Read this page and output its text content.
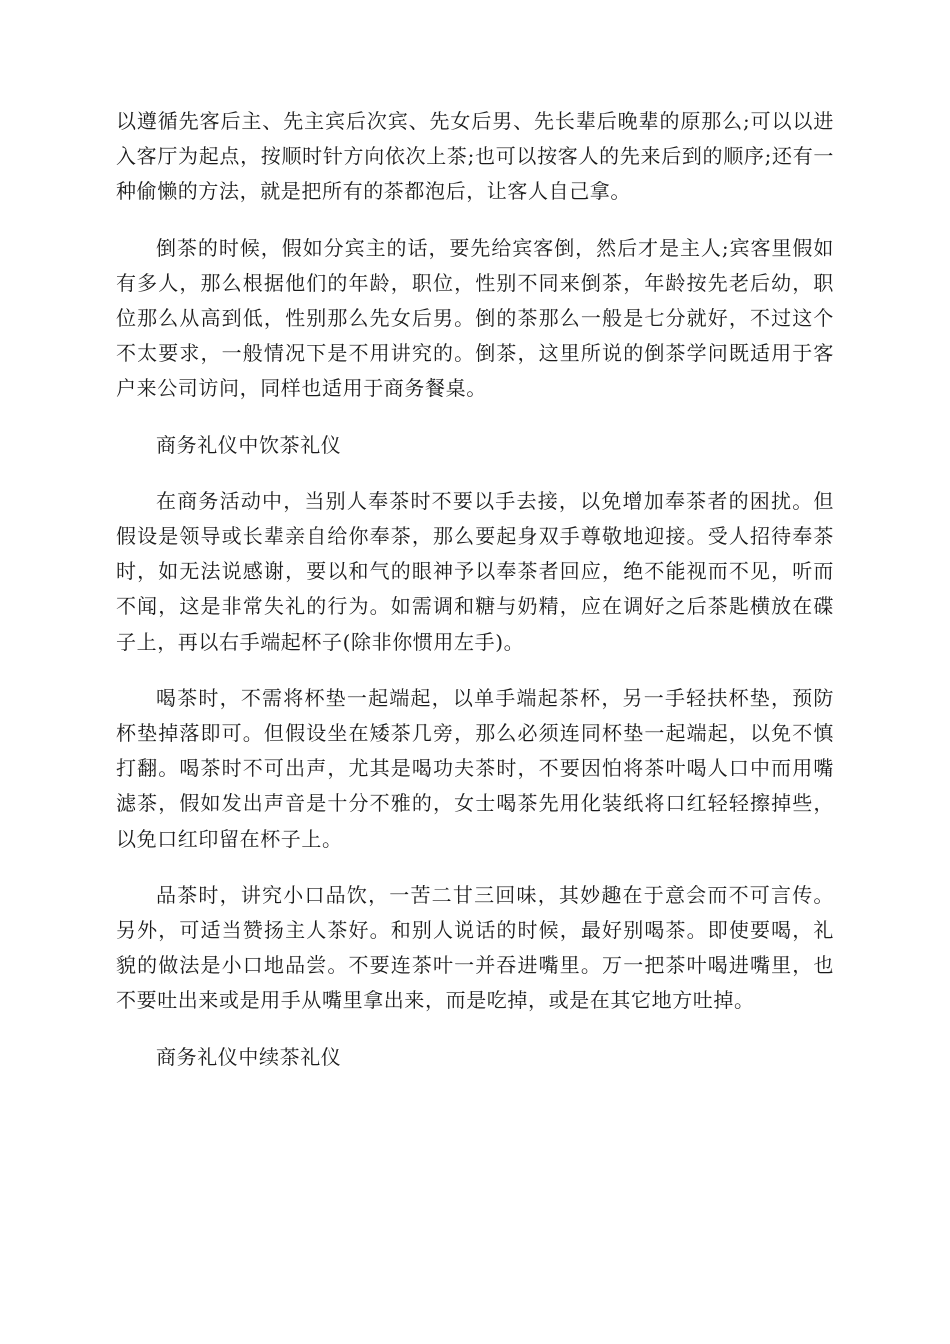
以遵循先客后主、先主宾后次宾、先女后男、先长辈后晚辈的原那么;可以以进入客厅为起点，按顺时针方向依次上茶;也可以按客人的先来后到的顺序;还有一种偷懒的方法，就是把所有的茶都泡后，让客人自己拿。

倒茶的时候，假如分宾主的话，要先给宾客倒，然后才是主人;宾客里假如有多人，那么根据他们的年龄，职位，性别不同来倒茶，年龄按先老后幼，职位那么从高到低，性别那么先女后男。倒的茶那么一般是七分就好，不过这个不太要求，一般情况下是不用讲究的。倒茶，这里所说的倒茶学问既适用于客户来公司访问，同样也适用于商务餐桌。

商务礼仪中饮茶礼仪

在商务活动中，当别人奉茶时不要以手去接，以免增加奉茶者的困扰。但假设是领导或长辈亲自给你奉茶，那么要起身双手尊敬地迎接。受人招待奉茶时，如无法说感谢，要以和气的眼神予以奉茶者回应，绝不能视而不见，听而不闻，这是非常失礼的行为。如需调和糖与奶精，应在调好之后茶匙横放在碟子上，再以右手端起杯子(除非你惯用左手)。

喝茶时，不需将杯垫一起端起，以单手端起茶杯，另一手轻扶杯垫，预防杯垫掉落即可。但假设坐在矮茶几旁，那么必须连同杯垫一起端起，以免不慎打翻。喝茶时不可出声，尤其是喝功夫茶时，不要因怕将茶叶喝人口中而用嘴滤茶，假如发出声音是十分不雅的，女士喝茶先用化装纸将口红轻轻擦掉些，以免口红印留在杯子上。

品茶时，讲究小口品饮，一苦二甘三回味，其妙趣在于意会而不可言传。另外，可适当赞扬主人茶好。和别人说话的时候，最好别喝茶。即使要喝，礼貌的做法是小口地品尝。不要连茶叶一并吞进嘴里。万一把茶叶喝进嘴里，也不要吐出来或是用手从嘴里拿出来，而是吃掉，或是在其它地方吐掉。

商务礼仪中续茶礼仪
